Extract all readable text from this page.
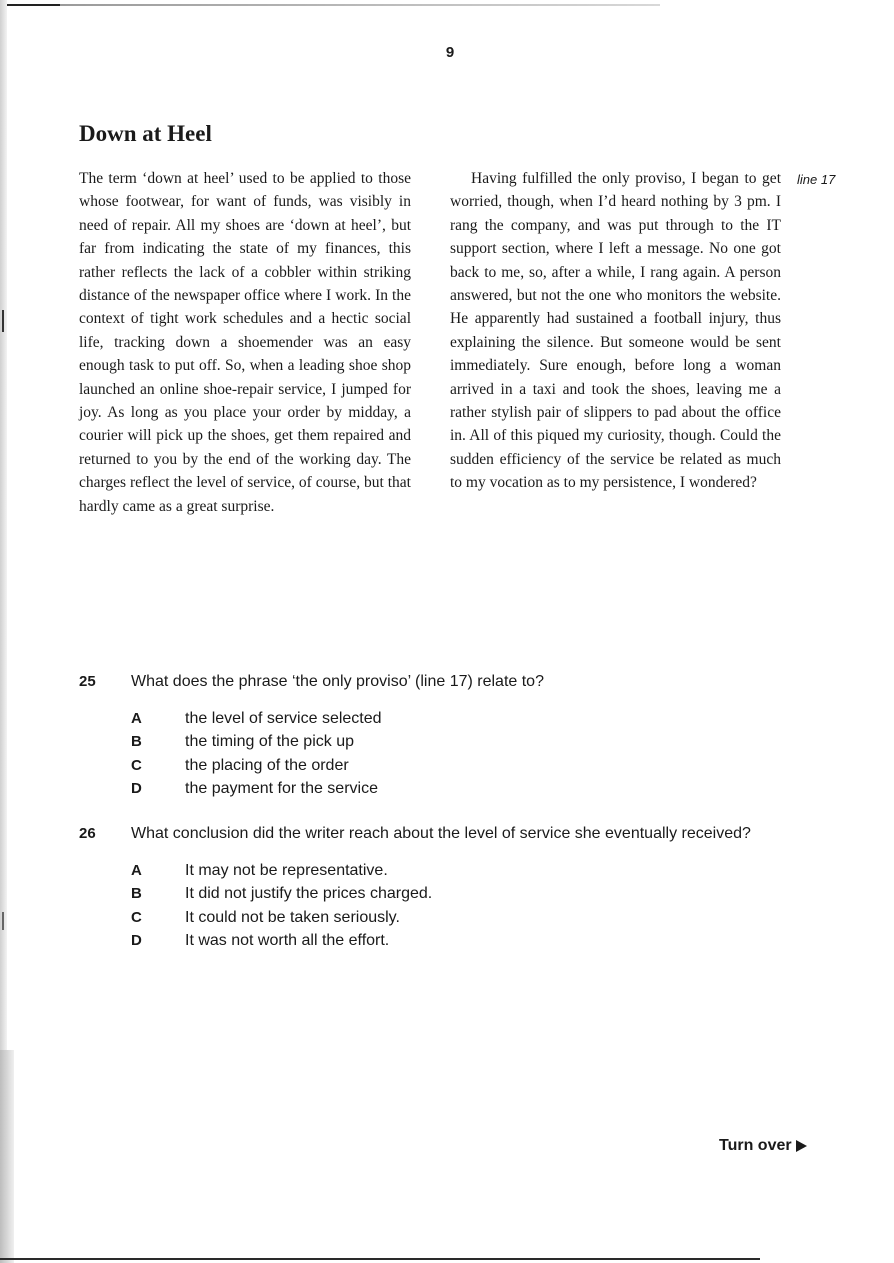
9
Down at Heel

The term ‘down at heel’ used to be applied to those whose footwear, for want of funds, was visibly in need of repair. All my shoes are ‘down at heel’, but far from indicating the state of my finances, this rather reflects the lack of a cobbler within striking distance of the newspaper office where I work. In the context of tight work schedules and a hectic social life, tracking down a shoemender was an easy enough task to put off. So, when a leading shoe shop launched an online shoe-repair service, I jumped for joy. As long as you place your order by midday, a courier will pick up the shoes, get them repaired and returned to you by the end of the working day. The charges reflect the level of service, of course, but that hardly came as a great surprise.

Having fulfilled the only proviso, I began to get worried, though, when I’d heard nothing by 3 pm. I rang the company, and was put through to the IT support section, where I left a message. No one got back to me, so, after a while, I rang again. A person answered, but not the one who monitors the website. He apparently had sustained a football injury, thus explaining the silence. But someone would be sent immediately. Sure enough, before long a woman arrived in a taxi and took the shoes, leaving me a rather stylish pair of slippers to pad about the office in. All of this piqued my curiosity, though. Could the sudden efficiency of the service be related as much to my vocation as to my persistence, I wondered?

line 17
25 What does the phrase ‘the only proviso’ (line 17) relate to?
A	the level of service selected
B	the timing of the pick up
C	the placing of the order
D	the payment for the service
26 What conclusion did the writer reach about the level of service she eventually received?
A	It may not be representative.
B	It did not justify the prices charged.
C	It could not be taken seriously.
D	It was not worth all the effort.
Turn over
